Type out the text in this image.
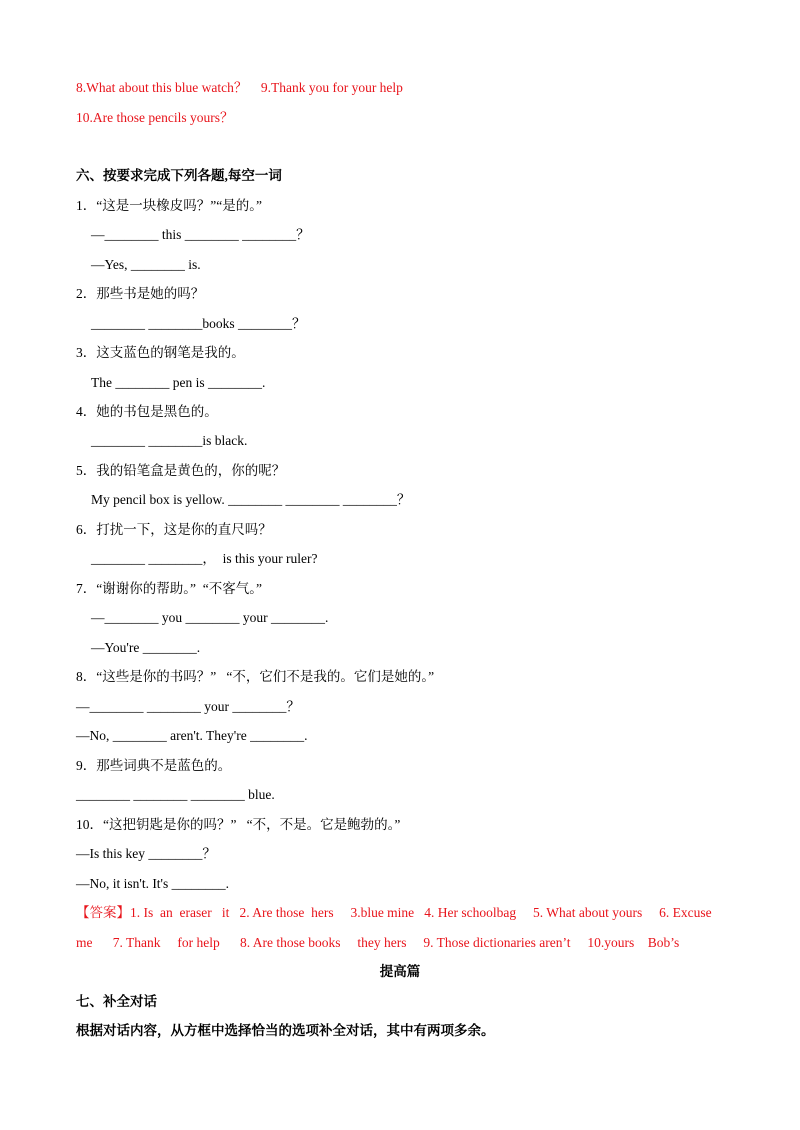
8.What about this blue watch？    9.Thank you for your help
10.Are those pencils yours？
六、按要求完成下列各题,每空一词
1．“这是一块橡皮吗？”“是的。”
—________ this ________ ________？
—Yes, ________ is.
2．那些书是她的吗？
________ ________books ________？
3．这支蓝色的钢笔是我的。
The ________ pen is ________.
4．她的书包是黑色的。
________ ________is black.
5．我的铅笔盒是黄色的，你的呢？
My pencil box is yellow. ________ ________ ________？
6．打扰一下，这是你的直尺吗？
________ ________，  is this your ruler?
7．“谢谢你的帮助。”  “不客气。”
—________ you ________ your ________.
—You're ________.
8．“这些是你的书吗？”   “不，它们不是我的。它们是她的。”
—________ ________ your ________？
—No, ________ aren't. They're ________.
9．那些词典不是蓝色的。
________ ________ ________ blue.
10．“这把钥匙是你的吗？”   “不，不是。它是鲍勃的。”
—Is this key ________？
—No, it isn't. It's ________.
【答案】1. Is  an  eraser   it   2. Are those  hers     3.blue mine   4. Her schoolbag     5. What about yours     6. Excuse
me      7. Thank     for help      8. Are those books     they hers     9. Those dictionaries aren’t     10.yours    Bob’s
提高篇
七、补全对话
根据对话内容，从方框中选择恰当的选项补全对话，其中有两项多余。
